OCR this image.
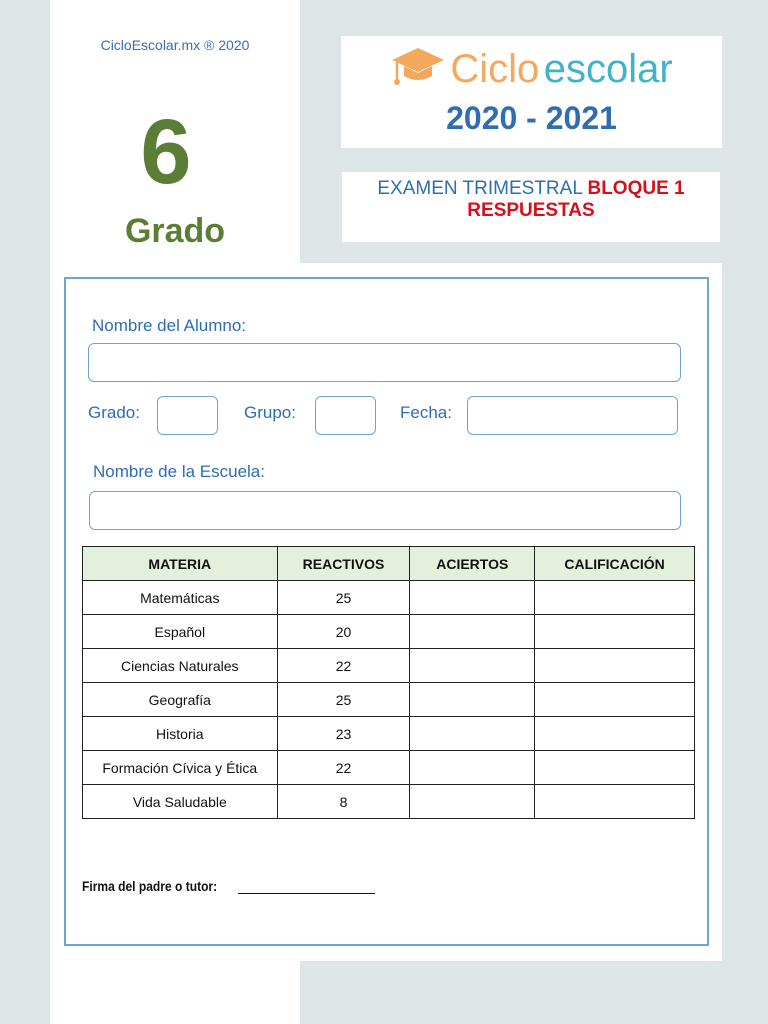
CicloEscolar.mx ® 2020
6
Grado
Ciclo escolar
2020 - 2021
EXAMEN TRIMESTRAL BLOQUE 1
RESPUESTAS
Nombre del Alumno:
Grado:	Grupo:	Fecha:
Nombre de la Escuela:
MATERIA	REACTIVOS	ACIERTOS	CALIFICACIÓN
Matemáticas	25		
Español	20		
Ciencias Naturales	22		
Geografía	25		
Historia	23		
Formación Cívica y Ética	22		
Vida Saludable	8		
Firma del padre o tutor:
